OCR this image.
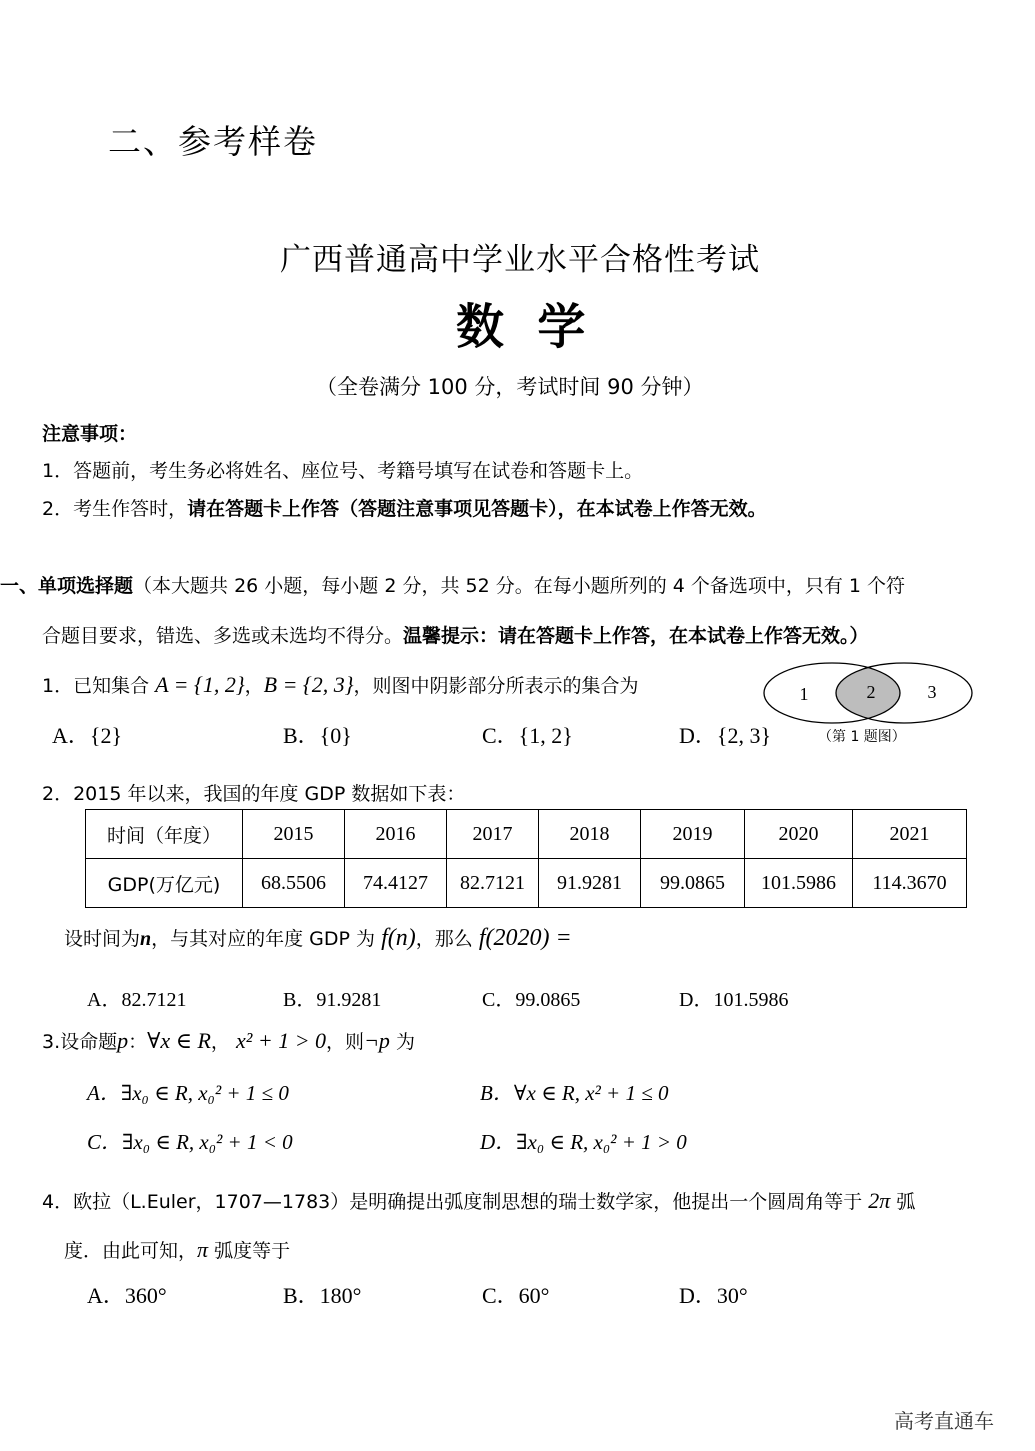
二、参考样卷
广西普通高中学业水平合格性考试
数  学
（全卷满分 100 分，考试时间 90 分钟）
注意事项：
1．答题前，考生务必将姓名、座位号、考籍号填写在试卷和答题卡上。
2．考生作答时，请在答题卡上作答（答题注意事项见答题卡），在本试卷上作答无效。
一、单项选择题（本大题共 26 小题，每小题 2 分，共 52 分。在每小题所列的 4 个备选项中，只有 1 个符
合题目要求，错选、多选或未选均不得分。温馨提示：请在答题卡上作答，在本试卷上作答无效。）
1．已知集合 A = {1, 2}，B = {2, 3}，则图中阴影部分所表示的集合为	1	2	3
（第 1 题图）
A．{2}	B．{0}	C．{1, 2}	D．{2, 3}
2．2015 年以来，我国的年度 GDP 数据如下表：
时间（年度）	2015	2016	2017	2018	2019	2020	2021
GDP(万亿元)	68.5506	74.4127	82.7121	91.9281	99.0865	101.5986	114.3670
设时间为n，与其对应的年度 GDP 为 f(n)，那么 f(2020) =
A．82.7121	B．91.9281	C．99.0865	D．101.5986
3.设命题p：∀x ∈ R， x² + 1 > 0，则¬p 为
A．∃x₀ ∈ R, x₀² + 1 ≤ 0	B．∀x ∈ R, x² + 1 ≤ 0
C．∃x₀ ∈ R, x₀² + 1 < 0	D．∃x₀ ∈ R, x₀² + 1 > 0
4．欧拉（L.Euler，1707—1783）是明确提出弧度制思想的瑞士数学家，他提出一个圆周角等于 2π 弧
度．由此可知，π 弧度等于
A．360°	B．180°	C．60°	D．30°
高考直通车
